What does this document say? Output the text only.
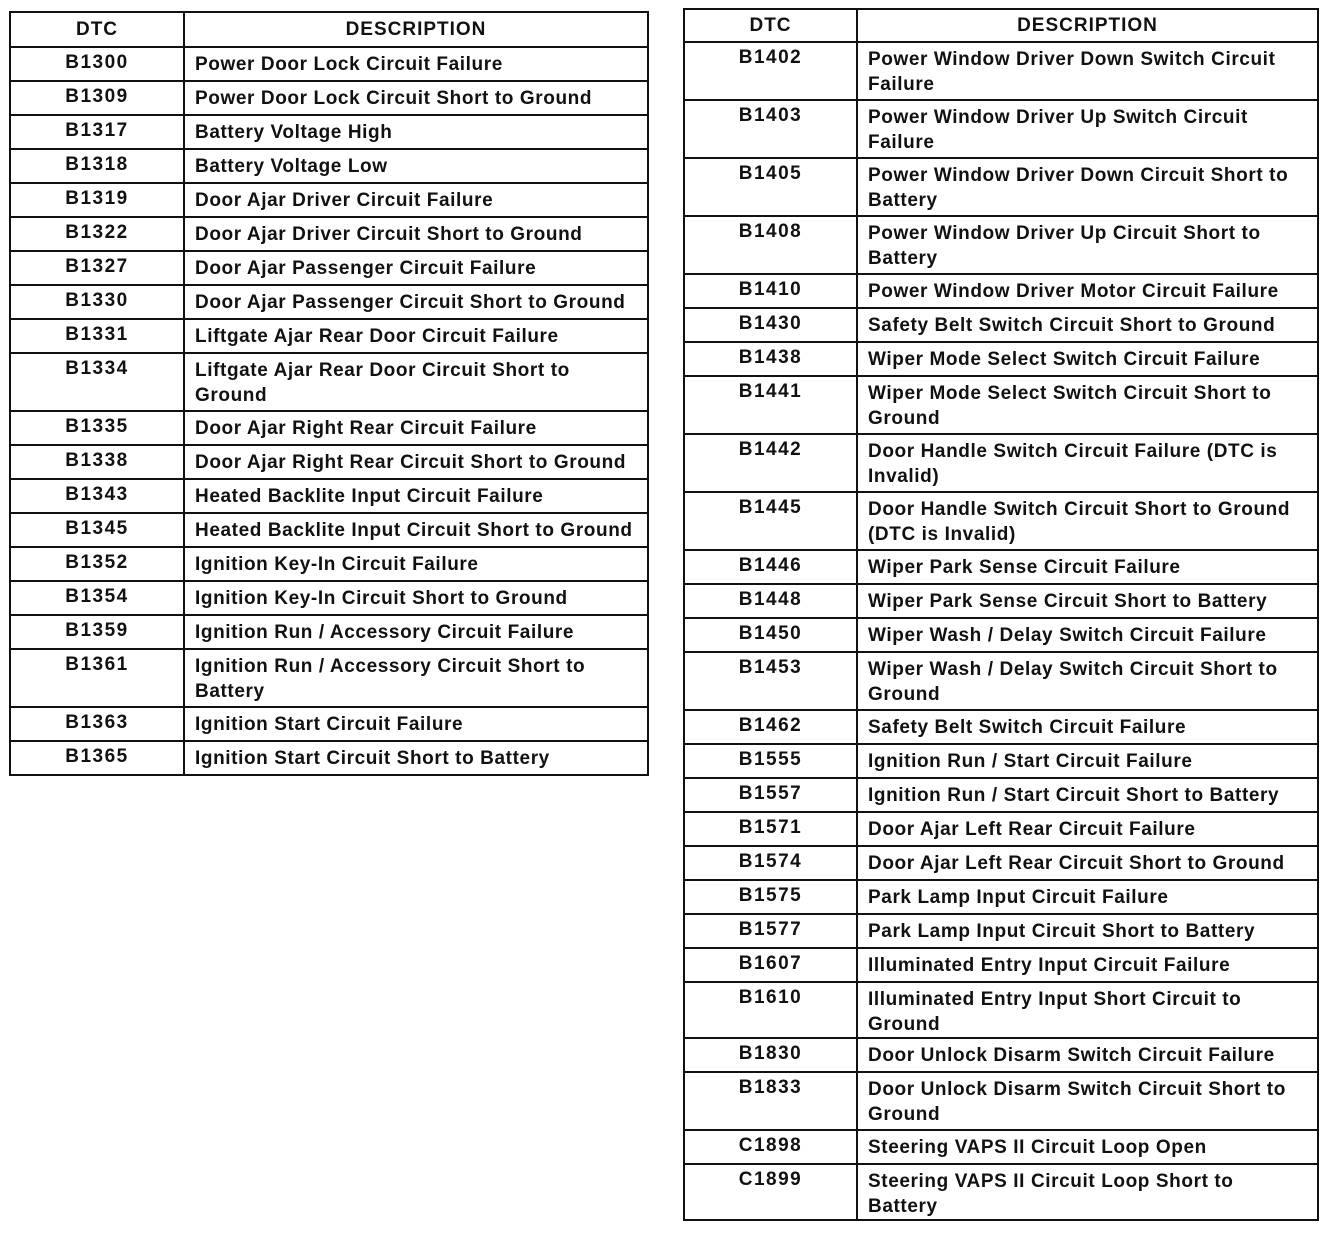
DTC	DESCRIPTION

B1300	Power Door Lock Circuit Failure

B1309	Power Door Lock Circuit Short to Ground

B1317	Battery Voltage High

B1318	Battery Voltage Low

B1319	Door Ajar Driver Circuit Failure

B1322	Door Ajar Driver Circuit Short to Ground

B1327	Door Ajar Passenger Circuit Failure

B1330	Door Ajar Passenger Circuit Short to Ground

B1331	Liftgate Ajar Rear Door Circuit Failure

B1334	Liftgate Ajar Rear Door Circuit Short to Ground

B1335	Door Ajar Right Rear Circuit Failure

B1338	Door Ajar Right Rear Circuit Short to Ground

B1343	Heated Backlite Input Circuit Failure

B1345	Heated Backlite Input Circuit Short to Ground

B1352	Ignition Key-In Circuit Failure

B1354	Ignition Key-In Circuit Short to Ground

B1359	Ignition Run / Accessory Circuit Failure

B1361	Ignition Run / Accessory Circuit Short to Battery

B1363	Ignition Start Circuit Failure

B1365	Ignition Start Circuit Short to Battery
DTC	DESCRIPTION

B1402	Power Window Driver Down Switch Circuit Failure

B1403	Power Window Driver Up Switch Circuit Failure

B1405	Power Window Driver Down Circuit Short to Battery

B1408	Power Window Driver Up Circuit Short to Battery

B1410	Power Window Driver Motor Circuit Failure

B1430	Safety Belt Switch Circuit Short to Ground

B1438	Wiper Mode Select Switch Circuit Failure

B1441	Wiper Mode Select Switch Circuit Short to Ground

B1442	Door Handle Switch Circuit Failure (DTC is Invalid)

B1445	Door Handle Switch Circuit Short to Ground (DTC is Invalid)

B1446	Wiper Park Sense Circuit Failure

B1448	Wiper Park Sense Circuit Short to Battery

B1450	Wiper Wash / Delay Switch Circuit Failure

B1453	Wiper Wash / Delay Switch Circuit Short to Ground

B1462	Safety Belt Switch Circuit Failure

B1555	Ignition Run / Start Circuit Failure

B1557	Ignition Run / Start Circuit Short to Battery

B1571	Door Ajar Left Rear Circuit Failure

B1574	Door Ajar Left Rear Circuit Short to Ground

B1575	Park Lamp Input Circuit Failure

B1577	Park Lamp Input Circuit Short to Battery

B1607	Illuminated Entry Input Circuit Failure

B1610	Illuminated Entry Input Short Circuit to Ground

B1830	Door Unlock Disarm Switch Circuit Failure

B1833	Door Unlock Disarm Switch Circuit Short to Ground

C1898	Steering VAPS II Circuit Loop Open

C1899	Steering VAPS II Circuit Loop Short to Battery
